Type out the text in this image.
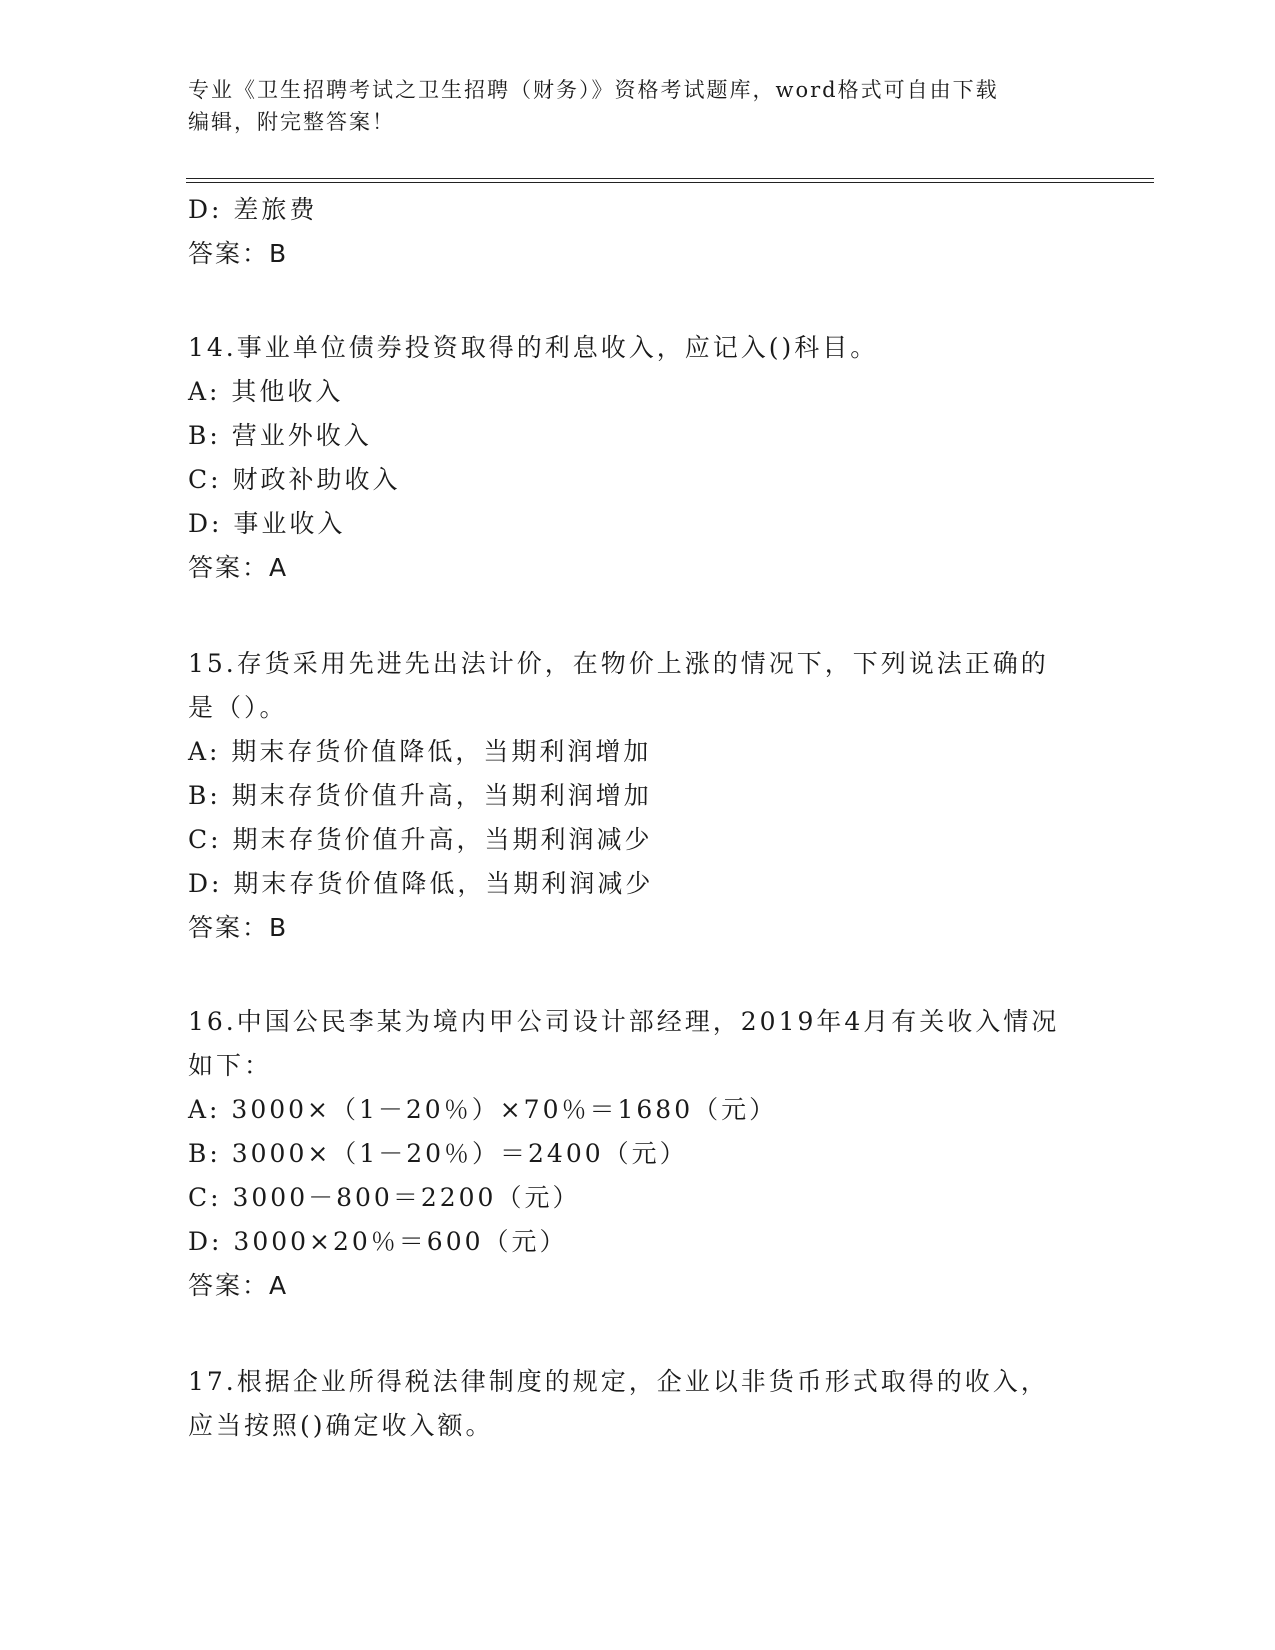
专业《卫生招聘考试之卫生招聘（财务）》资格考试题库，word格式可自由下载
编辑，附完整答案！
D: 差旅费
答案：B
14.事业单位债券投资取得的利息收入，应记入()科目。
A: 其他收入
B: 营业外收入
C: 财政补助收入
D: 事业收入
答案：A
15.存货采用先进先出法计价，在物价上涨的情况下，下列说法正确的
是（）。
A: 期末存货价值降低，当期利润增加
B: 期末存货价值升高，当期利润增加
C: 期末存货价值升高，当期利润减少
D: 期末存货价值降低，当期利润减少
答案：B
16.中国公民李某为境内甲公司设计部经理，2019年4月有关收入情况
如下：
A: 3000×（1－20％）×70％＝1680（元）
B: 3000×（1－20％）＝2400（元）
C: 3000－800＝2200（元）
D: 3000×20％＝600（元）
答案：A
17.根据企业所得税法律制度的规定，企业以非货币形式取得的收入，
应当按照()确定收入额。
